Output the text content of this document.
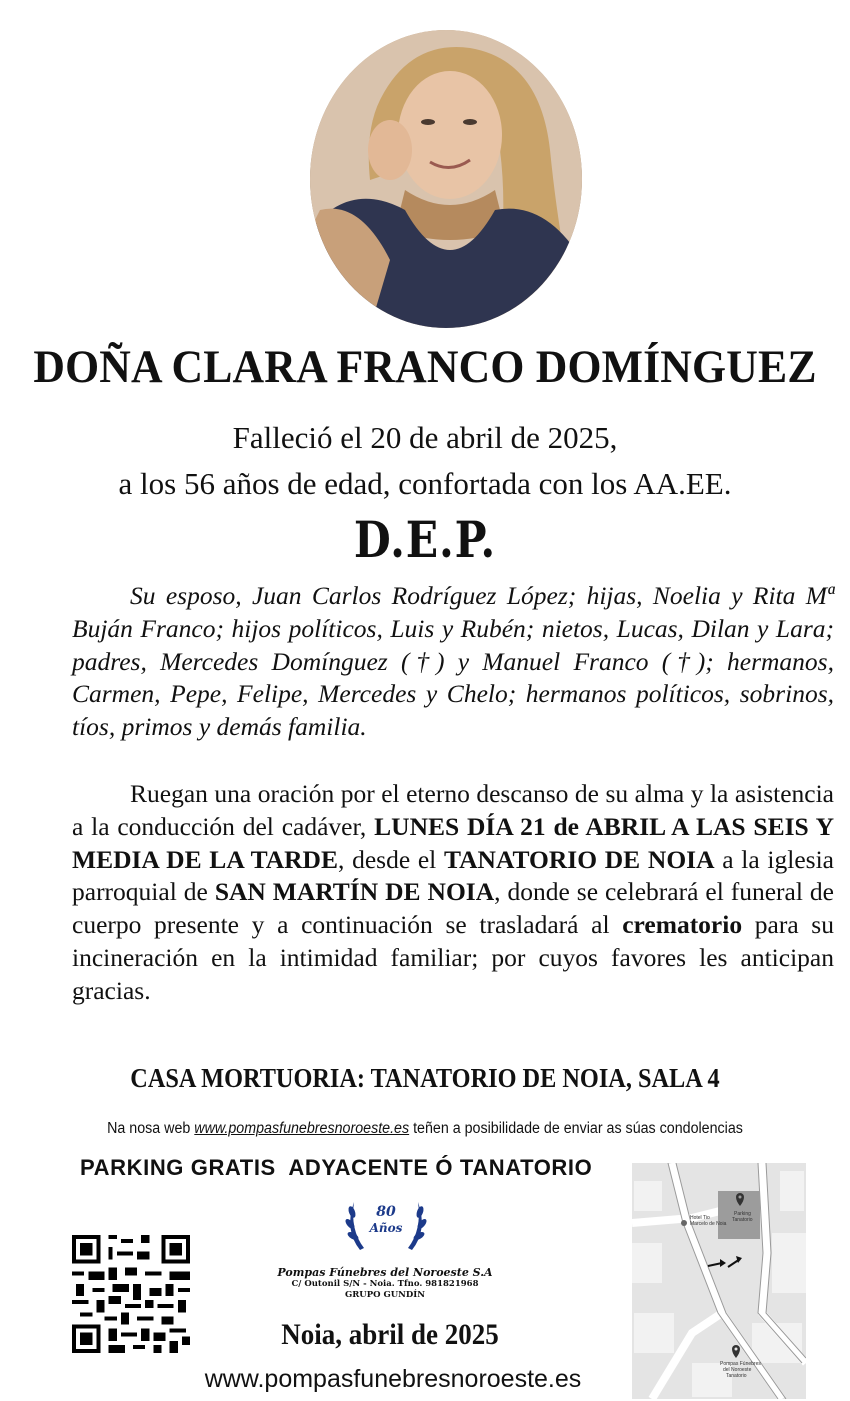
DOÑA CLARA FRANCO DOMÍNGUEZ
Falleció el 20 de abril de 2025,
a los 56 años de edad, confortada con los AA.EE.
D.E.P.
Su esposo, Juan Carlos Rodríguez López; hijas, Noelia y Rita Mª Buján Franco; hijos políticos, Luis y Rubén; nietos, Lucas, Dilan y Lara; padres, Mercedes Domínguez (†) y Manuel Franco (†); hermanos, Carmen, Pepe, Felipe, Mercedes y Chelo; hermanos políticos, sobrinos, tíos, primos y demás familia.
Ruegan una oración por el eterno descanso de su alma y la asistencia a la conducción del cadáver, LUNES DÍA 21 de ABRIL A LAS SEIS Y MEDIA DE LA TARDE, desde el TANATORIO DE NOIA a la iglesia parroquial de SAN MARTÍN DE NOIA, donde se celebrará el funeral de cuerpo presente y a continuación se trasladará al crematorio para su incineración en la intimidad familiar; por cuyos favores les anticipan gracias.
CASA MORTUORIA: TANATORIO DE NOIA, SALA 4
Na nosa web www.pompasfunebresnoroeste.es teñen a posibilidade de enviar as súas condolencias
PARKING GRATIS  ADYACENTE Ó TANATORIO
80
Años
Pompas Fúnebres del Noroeste S.A
C/ Outonil S/N - Noia. Tfno. 981821968
GRUPO GUNDÍN
Noia, abril de 2025
www.pompasfunebresnoroeste.es
Hotel Tio
Marcelo de Noia
Parking
Tanatorio
Pompas Fúnebres
del Noroeste
Tanatorio
